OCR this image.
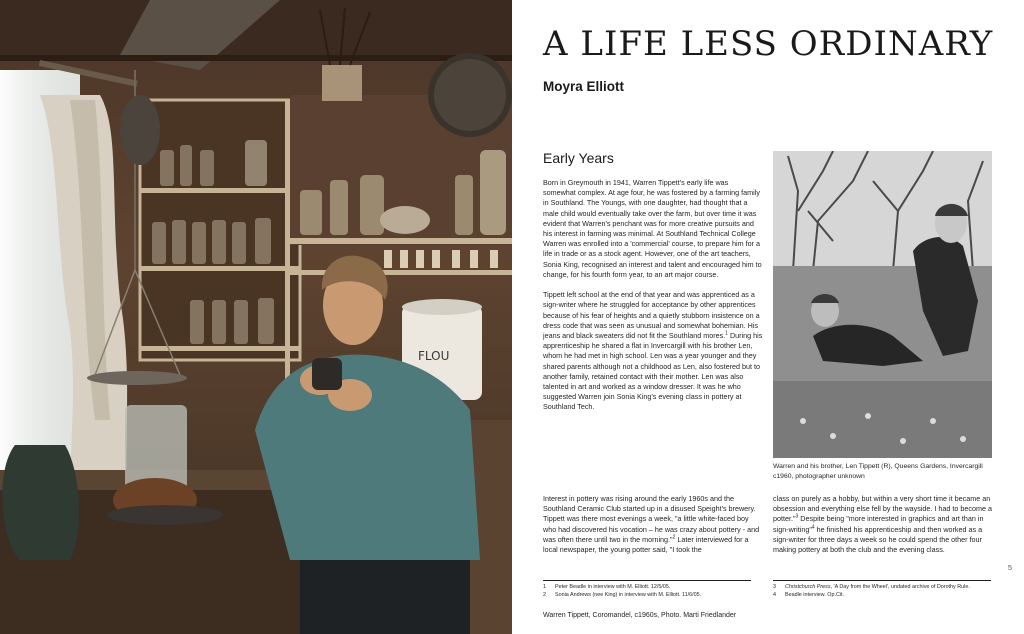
FLOU
A LIFE LESS ORDINARY
Moyra Elliott
Early Years

Born in Greymouth in 1941, Warren Tippett's early life was somewhat complex. At age four, he was fostered by a farming family in Southland. The Youngs, with one daughter, had thought that a male child would eventually take over the farm, but over time it was evident that Warren's penchant was for more creative pursuits and his interest in farming was minimal. At Southland Technical College Warren was enrolled into a 'commercial' course, to prepare him for a life in trade or as a stock agent. However, one of the art teachers, Sonia King, recognised an interest and talent and encouraged him to change, for his fourth form year, to an art major course.

Tippett left school at the end of that year and was apprenticed as a sign-writer where he struggled for acceptance by other apprentices because of his fear of heights and a quietly stubborn insistence on a dress code that was seen as unusual and somewhat bohemian. His jeans and black sweaters did not fit the Southland mores.$^1$ During his apprenticeship he shared a flat in Invercargill with his brother Len, whom he had met in high school. Len was a year younger and they shared parents although not a childhood as Len, also fostered but to another family, retained contact with their mother. Len was also talented in art and worked as a window dresser. It was he who suggested Warren join Sonia King's evening class in pottery at Southland Tech.

Interest in pottery was rising around the early 1960s and the Southland Ceramic Club started up in a disused Speight's brewery. Tippett was there most evenings a week, "a little white-faced boy who had discovered his vocation – he was crazy about pottery - and was often there until two in the morning."$^2$ Later interviewed for a local newspaper, the young potter said, "I took the

class on purely as a hobby, but within a very short time it became an obsession and everything else fell by the wayside. I had to become a potter."$^3$ Despite being "more interested in graphics and art than in sign-writing"$^4$ he finished his apprenticeship and then worked as a sign-writer for three days a week so he could spend the other four making pottery at both the club and the evening class.

Warren and his brother, Len Tippett (R), Queens Gardens, Invercargill
c1960, photographer unknown
1	Peter Beadle in interview with M. Elliott. 12/5/05.
2	Sonia Andrews (nee King) in interview with M. Elliott. 11/6/05.
3	Christchurch Press, 'A Day from the Wheel', undated archive of Dorothy Rule.
4	Beadle interview. Op.Cit.
Warren Tippett, Coromandel, c1960s, Photo. Marti Friedlander
5
